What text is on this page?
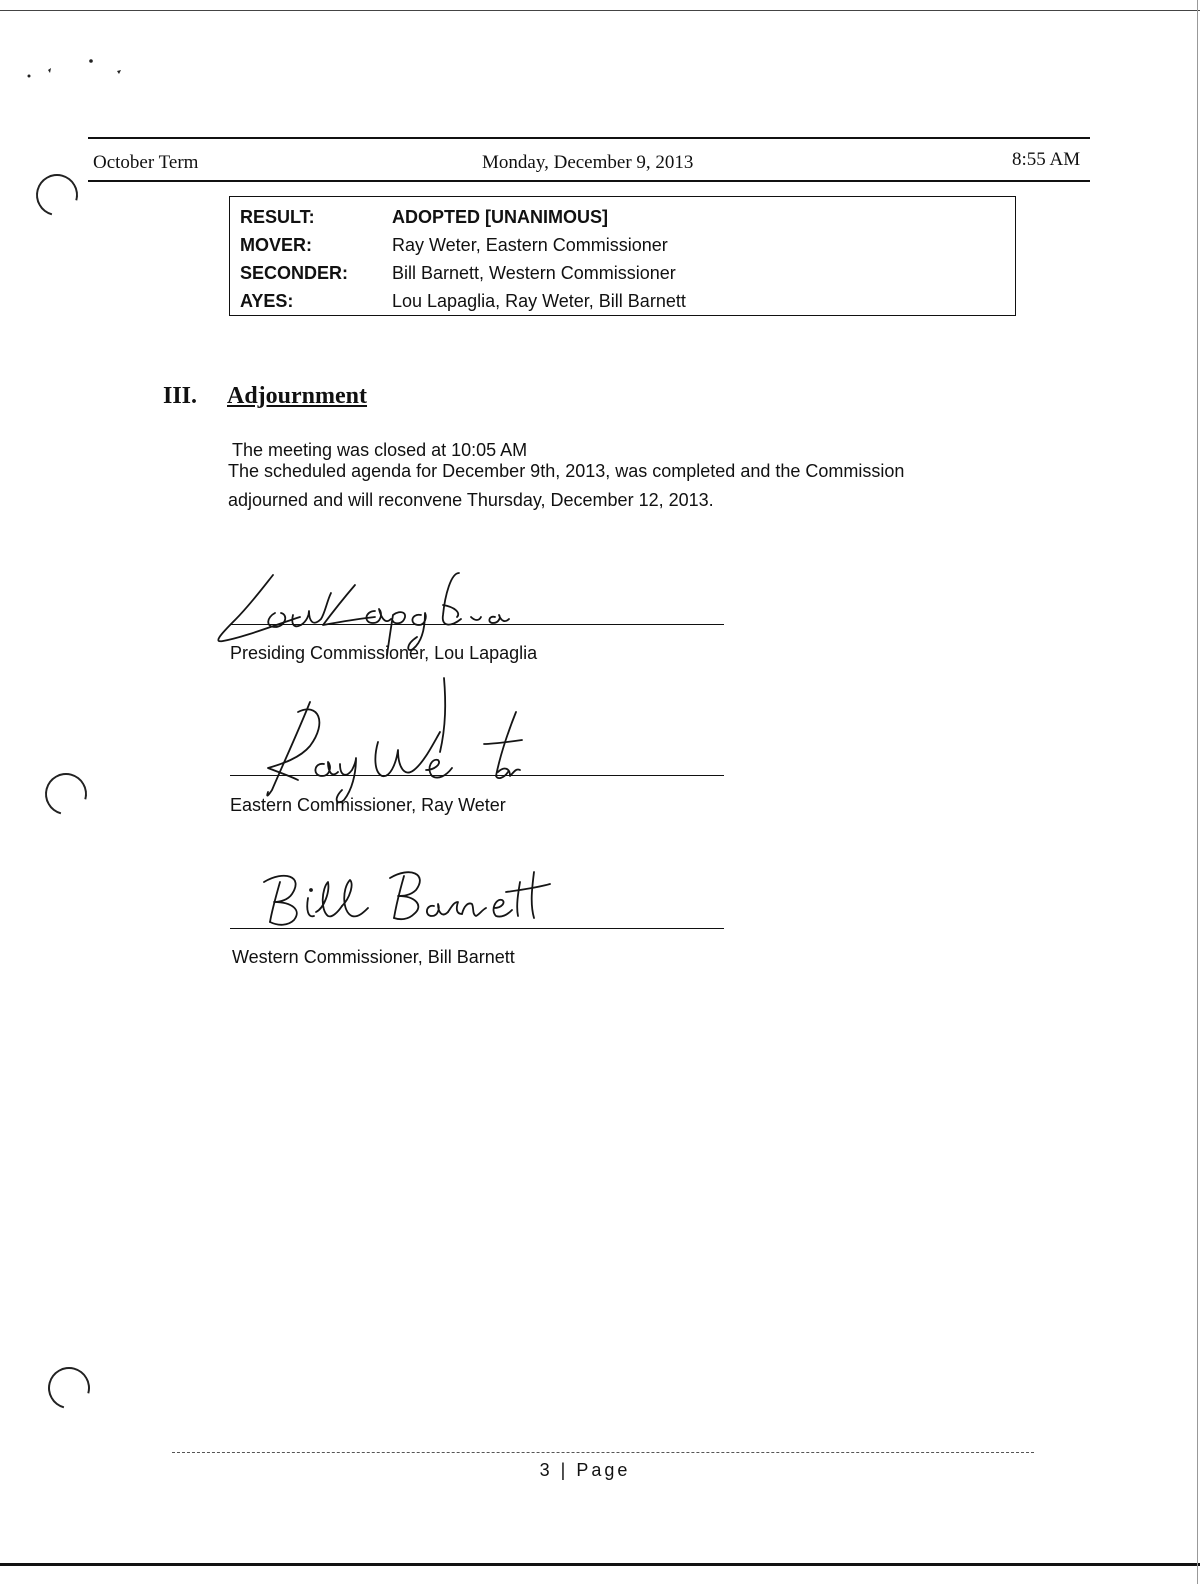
October Term	Monday, December 9, 2013	8:55 AM
RESULT:	ADOPTED [UNANIMOUS]
MOVER:	Ray Weter, Eastern Commissioner
SECONDER:	Bill Barnett, Western Commissioner
AYES:	Lou Lapaglia, Ray Weter, Bill Barnett
III. Adjournment
The meeting was closed at 10:05 AM
The scheduled agenda for December 9th, 2013, was completed and the Commission
adjourned and will reconvene Thursday, December 12, 2013.
Presiding Commissioner, Lou Lapaglia
Eastern Commissioner, Ray Weter
Western Commissioner, Bill Barnett
3 | Page
